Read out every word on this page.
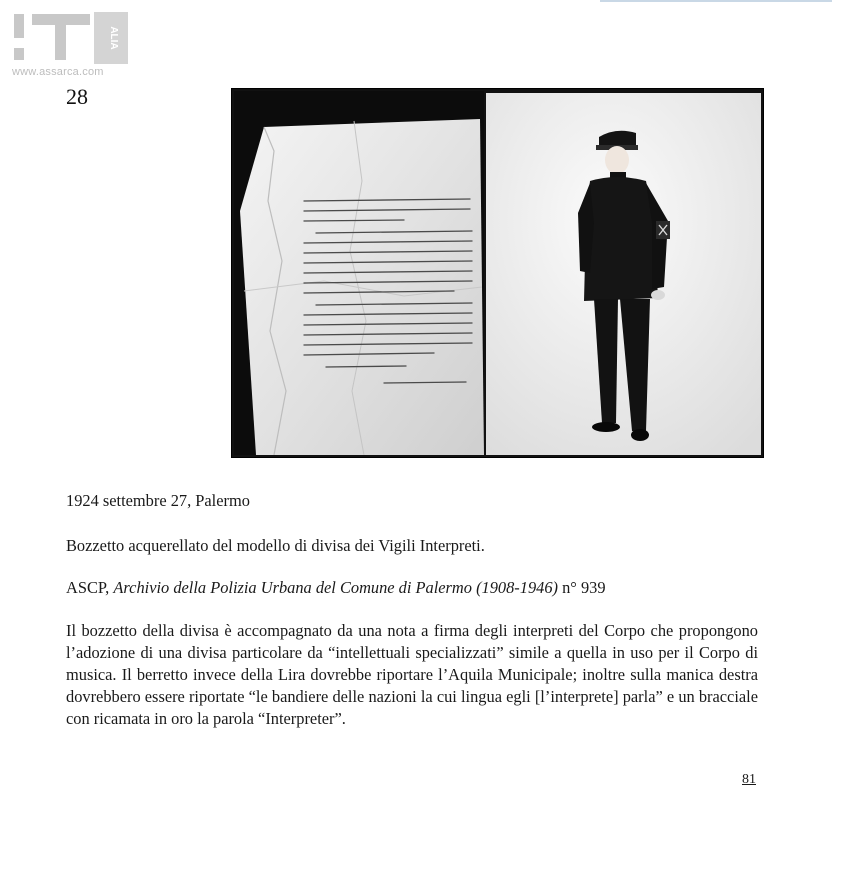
ALIA
www.assarca.com
28
1924 settembre 27, Palermo
Bozzetto acquerellato del modello di divisa dei Vigili Interpreti.
ASCP, Archivio della Polizia Urbana del Comune di Palermo (1908-1946) n° 939
Il bozzetto della divisa è accompagnato da una nota a firma degli interpreti del Corpo che propongono l’adozione di una divisa particolare da “intellettuali specializzati” simile a quella in uso per il Corpo di musica. Il berretto invece della Lira dovrebbe riportare l’Aquila Municipale; inoltre sulla manica destra dovrebbero essere riportate “le bandiere delle nazioni la cui lingua egli [l’interprete] parla” e un bracciale con ricamata in oro la parola “Interpreter”.
81
